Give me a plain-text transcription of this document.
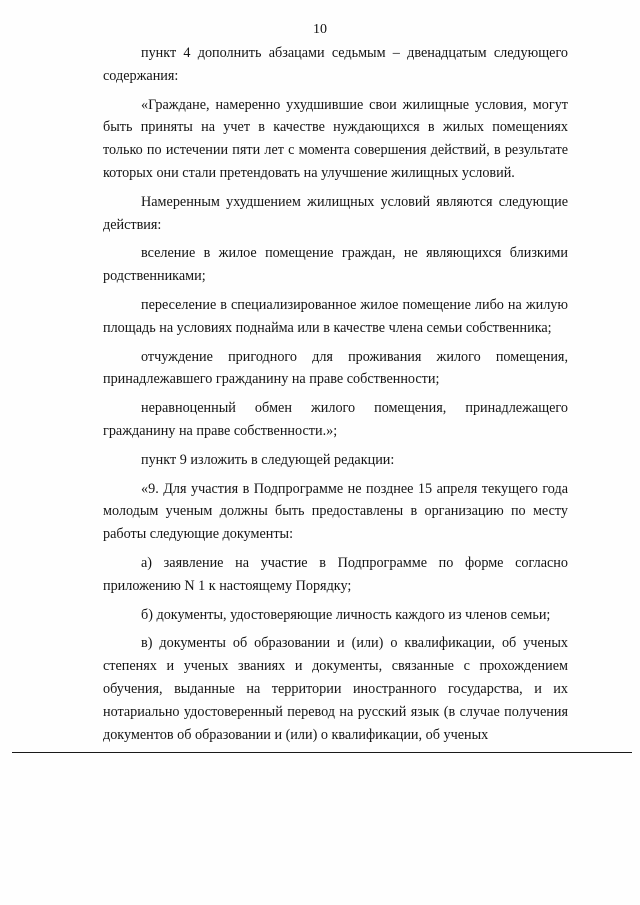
10

пункт 4 дополнить абзацами седьмым – двенадцатым следующего содержания:

«Граждане, намеренно ухудшившие свои жилищные условия, могут быть приняты на учет в качестве нуждающихся в жилых помещениях только по истечении пяти лет с момента совершения действий, в результате которых они стали претендовать на улучшение жилищных условий.

Намеренным ухудшением жилищных условий являются следующие действия:

вселение в жилое помещение граждан, не являющихся близкими родственниками;

переселение в специализированное жилое помещение либо на жилую площадь на условиях поднайма или в качестве члена семьи собственника;

отчуждение пригодного для проживания жилого помещения, принадлежавшего гражданину на праве собственности;

неравноценный обмен жилого помещения, принадлежащего гражданину на праве собственности.»;

пункт 9 изложить в следующей редакции:

«9. Для участия в Подпрограмме не позднее 15 апреля текущего года молодым ученым должны быть предоставлены в организацию по месту работы следующие документы:

а) заявление на участие в Подпрограмме по форме согласно приложению N 1 к настоящему Порядку;

б) документы, удостоверяющие личность каждого из членов семьи;

в) документы об образовании и (или) о квалификации, об ученых степенях и ученых званиях и документы, связанные с прохождением обучения, выданные на территории иностранного государства, и их нотариально удостоверенный перевод на русский язык (в случае получения документов об образовании и (или) о квалификации, об ученых
